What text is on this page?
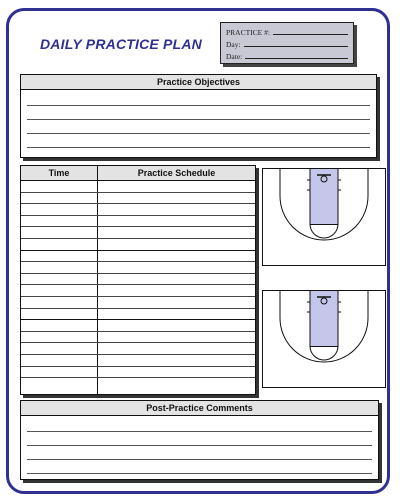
DAILY PRACTICE PLAN
PRACTICE #:
Day:
Date:
Practice Objectives
Time	Practice Schedule
Post-Practice Comments
